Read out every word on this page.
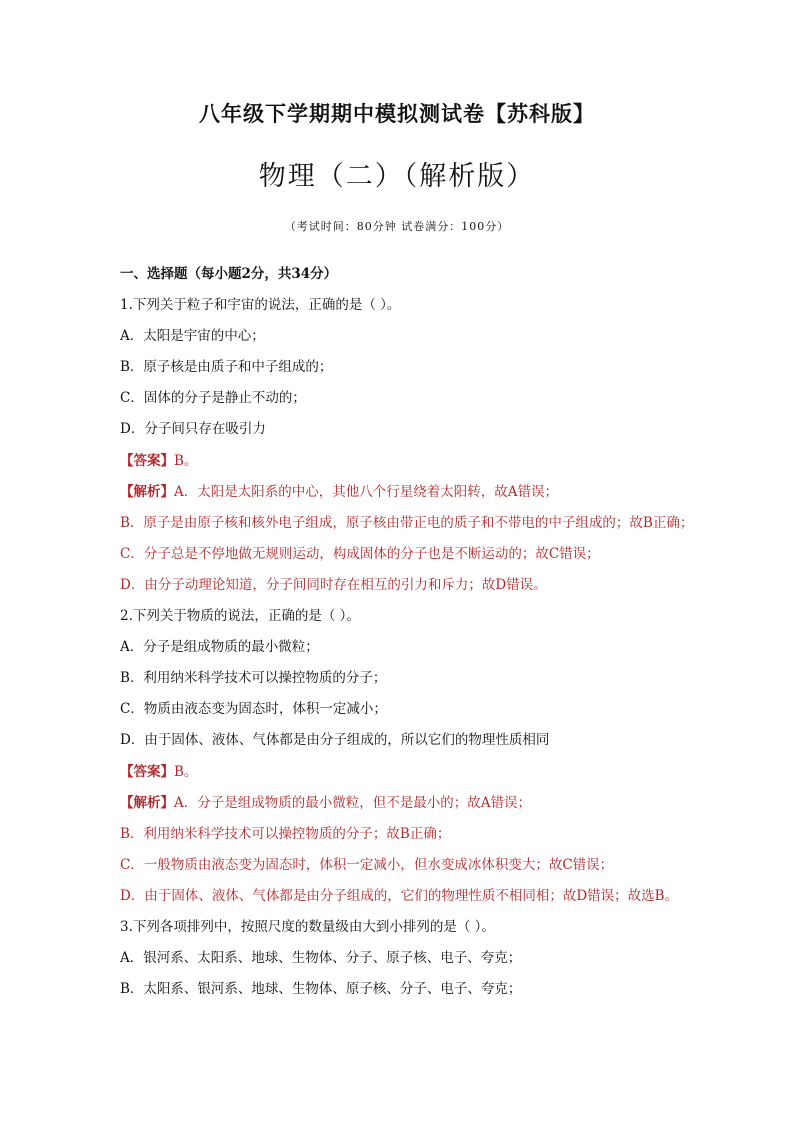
八年级下学期期中模拟测试卷【苏科版】
物理（二）（解析版）
（考试时间：80分钟 试卷满分：100分）
一、选择题（每小题2分，共34分）
1.下列关于粒子和宇宙的说法，正确的是（ ）。
A．太阳是宇宙的中心；
B．原子核是由质子和中子组成的；
C．固体的分子是静止不动的；
D．分子间只存在吸引力
【答案】B。
【解析】A．太阳是太阳系的中心，其他八个行星绕着太阳转，故A错误；
B．原子是由原子核和核外电子组成，原子核由带正电的质子和不带电的中子组成的；故B正确；
C．分子总是不停地做无规则运动，构成固体的分子也是不断运动的；故C错误；
D．由分子动理论知道，分子间同时存在相互的引力和斥力；故D错误。
2.下列关于物质的说法，正确的是（ ）。
A．分子是组成物质的最小微粒；
B．利用纳米科学技术可以操控物质的分子；
C．物质由液态变为固态时，体积一定减小；
D．由于固体、液体、气体都是由分子组成的，所以它们的物理性质相同
【答案】B。
【解析】A．分子是组成物质的最小微粒，但不是最小的；故A错误；
B．利用纳米科学技术可以操控物质的分子；故B正确；
C．一般物质由液态变为固态时，体积一定减小，但水变成冰体积变大；故C错误；
D．由于固体、液体、气体都是由分子组成的，它们的物理性质不相同相；故D错误；故选B。
3.下列各项排列中，按照尺度的数量级由大到小排列的是（ ）。
A．银河系、太阳系、地球、生物体、分子、原子核、电子、夸克；
B．太阳系、银河系、地球、生物体、原子核、分子、电子、夸克；
